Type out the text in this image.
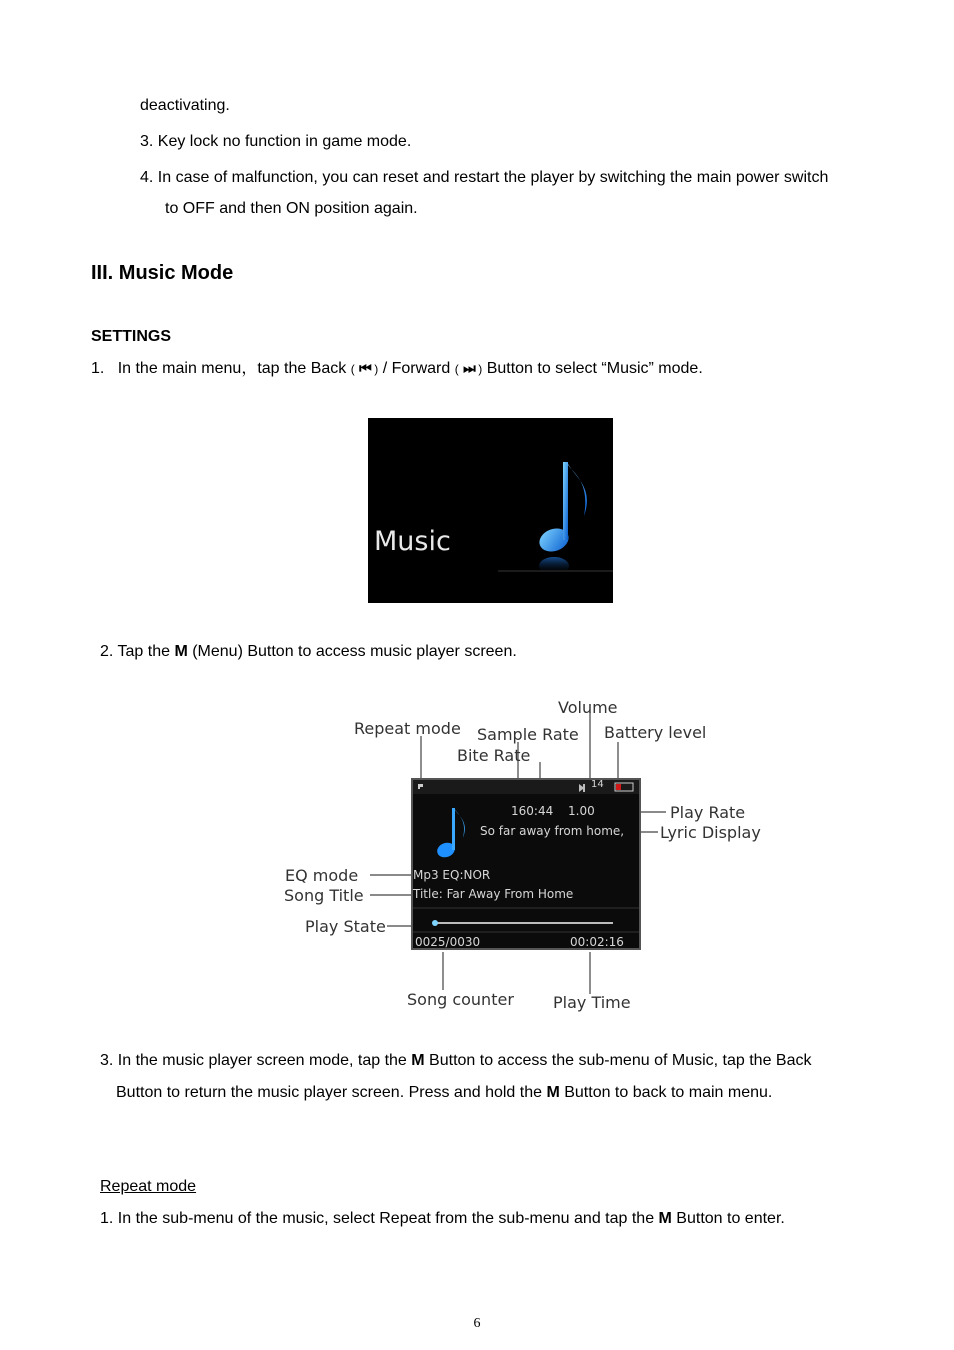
deactivating.
3. Key lock no function in game mode.
4. In case of malfunction, you can reset and restart the player by switching the main power switch
to OFF and then ON position again.
III. Music Mode
SETTINGS
1. In the main menu，tap the Back ( ⏮ ) / Forward ( ⏭ ) Button to select “Music” mode.
Music
2. Tap the M (Menu) Button to access music player screen.
Volume
Repeat mode Sample Rate Battery level
Bite Rate
Play Rate
Lyric Display
EQ mode
Song Title
Play State
Song counter Play Time
14
160:44 1.00
So far away from home,
Mp3 EQ:NOR
Title: Far Away From Home
0025/0030	00:02:16
3. In the music player screen mode, tap the M Button to access the sub-menu of Music, tap the Back
Button to return the music player screen. Press and hold the M Button to back to main menu.
Repeat mode
1. In the sub-menu of the music, select Repeat from the sub-menu and tap the M Button to enter.
6
